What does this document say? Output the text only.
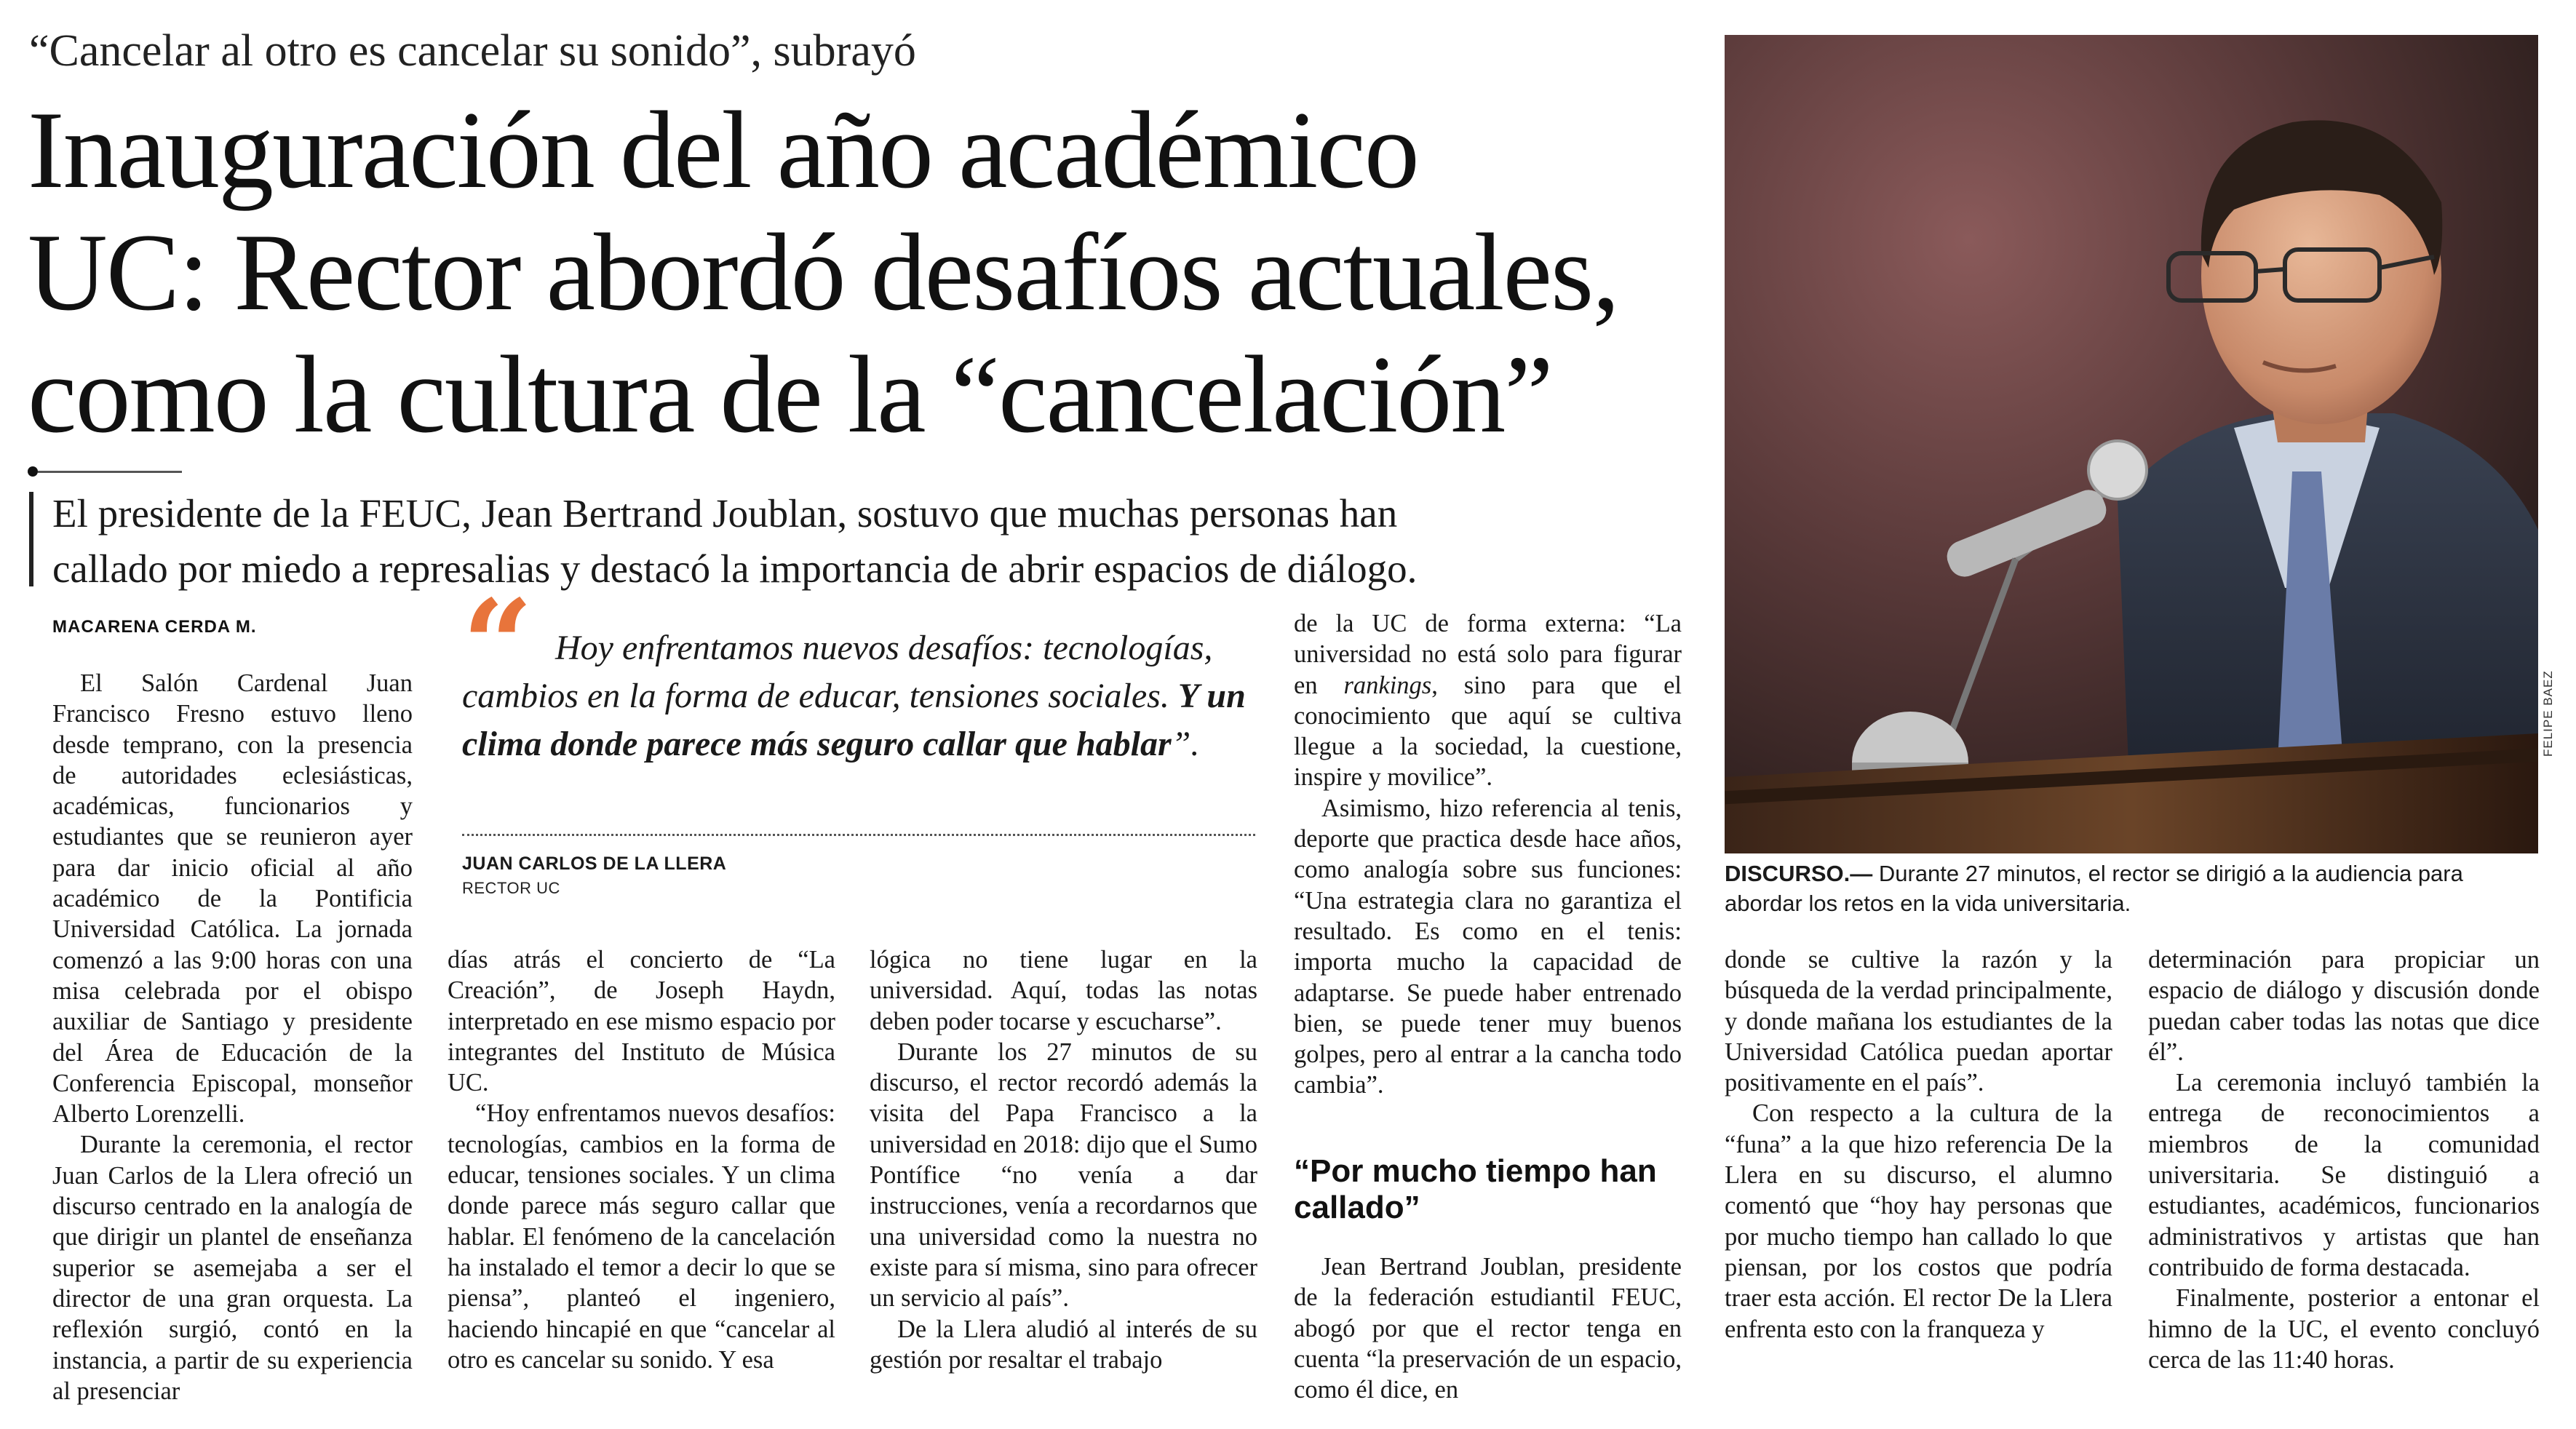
“Cancelar al otro es cancelar su sonido”, subrayó
Inauguración del año académico
UC: Rector abordó desafíos actuales,
como la cultura de la “cancelación”
El presidente de la FEUC, Jean Bertrand Joublan, sostuvo que muchas personas han
callado por miedo a represalias y destacó la importancia de abrir espacios de diálogo.
MACARENA CERDA M.

El Salón Cardenal Juan Francisco Fresno estuvo lleno desde temprano, con la presencia de autoridades eclesiásticas, académicas, funcionarios y estudiantes que se reunieron ayer para dar inicio oficial al año académico de la Pontificia Universidad Católica. La jornada comenzó a las 9:00 horas con una misa celebrada por el obispo auxiliar de Santiago y presidente del Área de Educación de la Conferencia Episcopal, monseñor Alberto Lorenzelli.

Durante la ceremonia, el rector Juan Carlos de la Llera ofreció un discurso centrado en la analogía de que dirigir un plantel de enseñanza superior se asemejaba a ser el director de una gran orquesta. La reflexión surgió, contó en la instancia, a partir de su experiencia al presenciar

“ Hoy enfrentamos nuevos desafíos: tecnologías, cambios en la forma de educar, tensiones sociales. Y un clima donde parece más seguro callar que hablar”.
JUAN CARLOS DE LA LLERA
RECTOR UC

días atrás el concierto de “La Creación”, de Joseph Haydn, interpretado en ese mismo espacio por integrantes del Instituto de Música UC.

“Hoy enfrentamos nuevos desafíos: tecnologías, cambios en la forma de educar, tensiones sociales. Y un clima donde parece más seguro callar que hablar. El fenómeno de la cancelación ha instalado el temor a decir lo que se piensa”, planteó el ingeniero, haciendo hincapié en que “cancelar al otro es cancelar su sonido. Y esa

lógica no tiene lugar en la universidad. Aquí, todas las notas deben poder tocarse y escucharse”.

Durante los 27 minutos de su discurso, el rector recordó además la visita del Papa Francisco a la universidad en 2018: dijo que el Sumo Pontífice “no venía a dar instrucciones, venía a recordarnos que una universidad como la nuestra no existe para sí misma, sino para ofrecer un servicio al país”.

De la Llera aludió al interés de su gestión por resaltar el trabajo

de la UC de forma externa: “La universidad no está solo para figurar en rankings, sino para que el conocimiento que aquí se cultiva llegue a la sociedad, la cuestione, inspire y movilice”.

Asimismo, hizo referencia al tenis, deporte que practica desde hace años, como analogía sobre sus funciones: “Una estrategia clara no garantiza el resultado. Es como en el tenis: importa mucho la capacidad de adaptarse. Se puede haber entrenado bien, se puede tener muy buenos golpes, pero al entrar a la cancha todo cambia”.

“Por mucho tiempo han callado”

Jean Bertrand Joublan, presidente de la federación estudiantil FEUC, abogó por que el rector tenga en cuenta “la preservación de un espacio, como él dice, en

FELIPE BAEZ
DISCURSO.— Durante 27 minutos, el rector se dirigió a la audiencia para abordar los retos en la vida universitaria.

donde se cultive la razón y la búsqueda de la verdad principalmente, y donde mañana los estudiantes de la Universidad Católica puedan aportar positivamente en el país”.

Con respecto a la cultura de la “funa” a la que hizo referencia De la Llera en su discurso, el alumno comentó que “hoy hay personas que por mucho tiempo han callado lo que piensan, por los costos que podría traer esta acción. El rector De la Llera enfrenta esto con la franqueza y

determinación para propiciar un espacio de diálogo y discusión donde puedan caber todas las notas que dice él”.

La ceremonia incluyó también la entrega de reconocimientos a miembros de la comunidad universitaria. Se distinguió a estudiantes, académicos, funcionarios administrativos y artistas que han contribuido de forma destacada.

Finalmente, posterior a entonar el himno de la UC, el evento concluyó cerca de las 11:40 horas.
